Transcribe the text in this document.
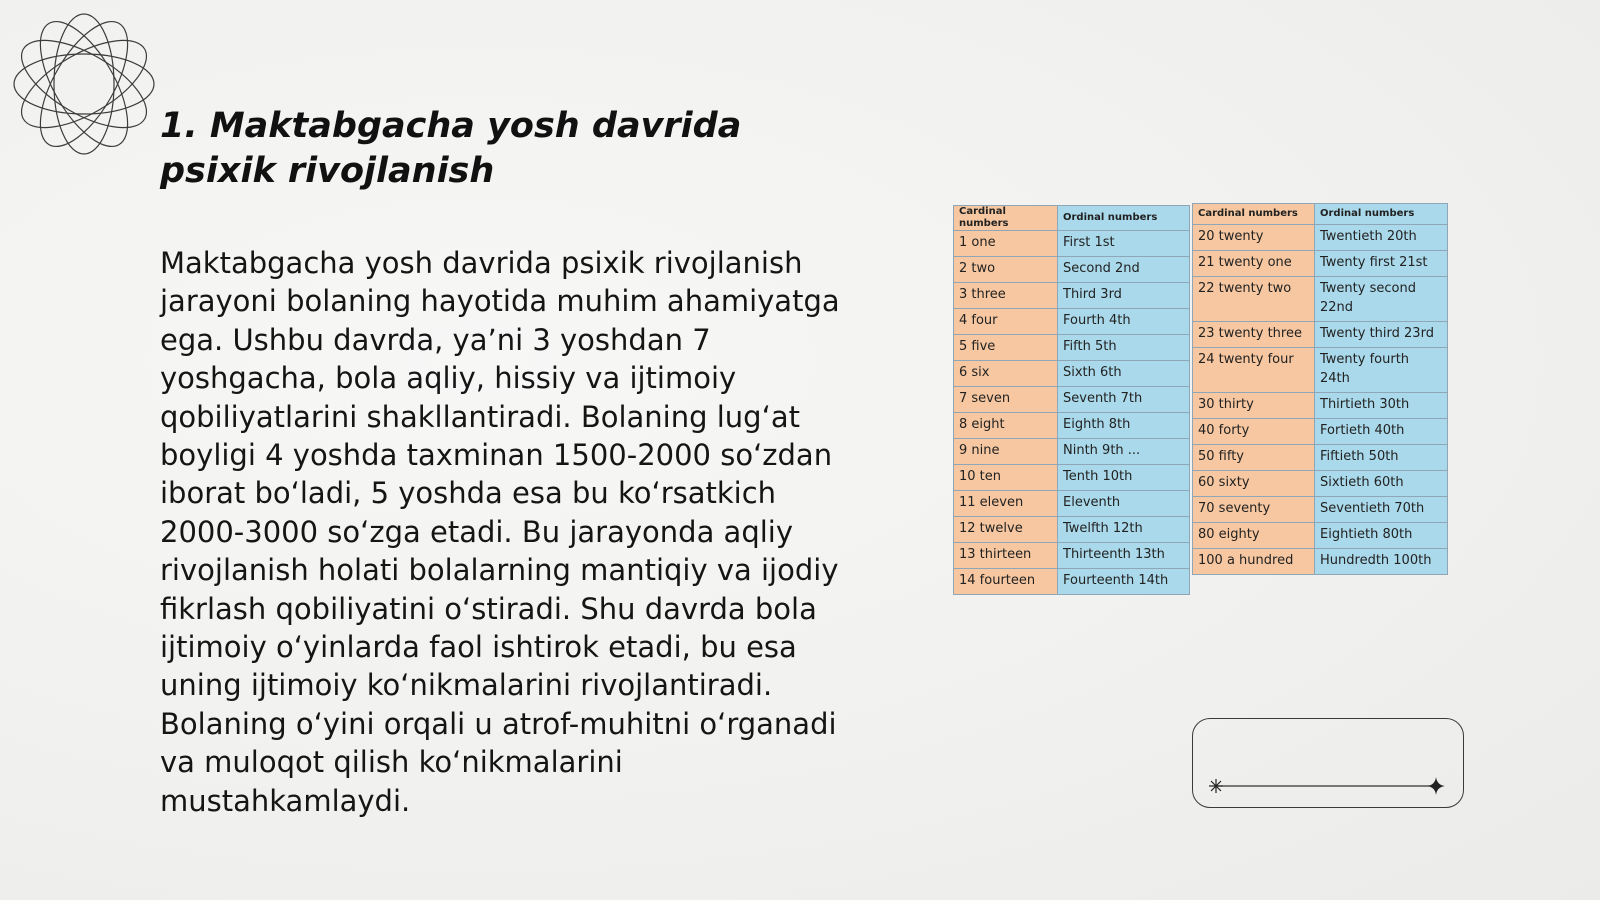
1. Maktabgacha yosh davrida psixik rivojlanish

Maktabgacha yosh davrida psixik rivojlanish jarayoni bolaning hayotida muhim ahamiyatga ega. Ushbu davrda, ya’ni 3 yoshdan 7 yoshgacha, bola aqliy, hissiy va ijtimoiy qobiliyatlarini shakllantiradi. Bolaning lug‘at boyligi 4 yoshda taxminan 1500-2000 so‘zdan iborat bo‘ladi, 5 yoshda esa bu ko‘rsatkich 2000-3000 so‘zga etadi. Bu jarayonda aqliy rivojlanish holati bolalarning mantiqiy va ijodiy fikrlash qobiliyatini o‘stiradi. Shu davrda bola ijtimoiy o‘yinlarda faol ishtirok etadi, bu esa uning ijtimoiy ko‘nikmalarini rivojlantiradi. Bolaning o‘yini orqali u atrof-muhitni o‘rganadi va muloqot qilish ko‘nikmalarini mustahkamlaydi.

Cardinal numbers	Ordinal numbers
1 one	First 1st
2 two	Second 2nd
3 three	Third 3rd
4 four	Fourth 4th
5 five	Fifth 5th
6 six	Sixth 6th
7 seven	Seventh 7th
8 eight	Eighth 8th
9 nine	Ninth 9th ...
10 ten	Tenth 10th
11 eleven	Eleventh
12 twelve	Twelfth 12th
13 thirteen	Thirteenth 13th
14 fourteen	Fourteenth 14th
Cardinal numbers	Ordinal numbers
20 twenty	Twentieth 20th
21 twenty one	Twenty first 21st
22 twenty two	Twenty second 22nd
23 twenty three	Twenty third 23rd
24 twenty four	Twenty fourth 24th
30 thirty	Thirtieth 30th
40 forty	Fortieth 40th
50 fifty	Fiftieth 50th
60 sixty	Sixtieth 60th
70 seventy	Seventieth 70th
80 eighty	Eightieth 80th
100 a hundred	Hundredth 100th
